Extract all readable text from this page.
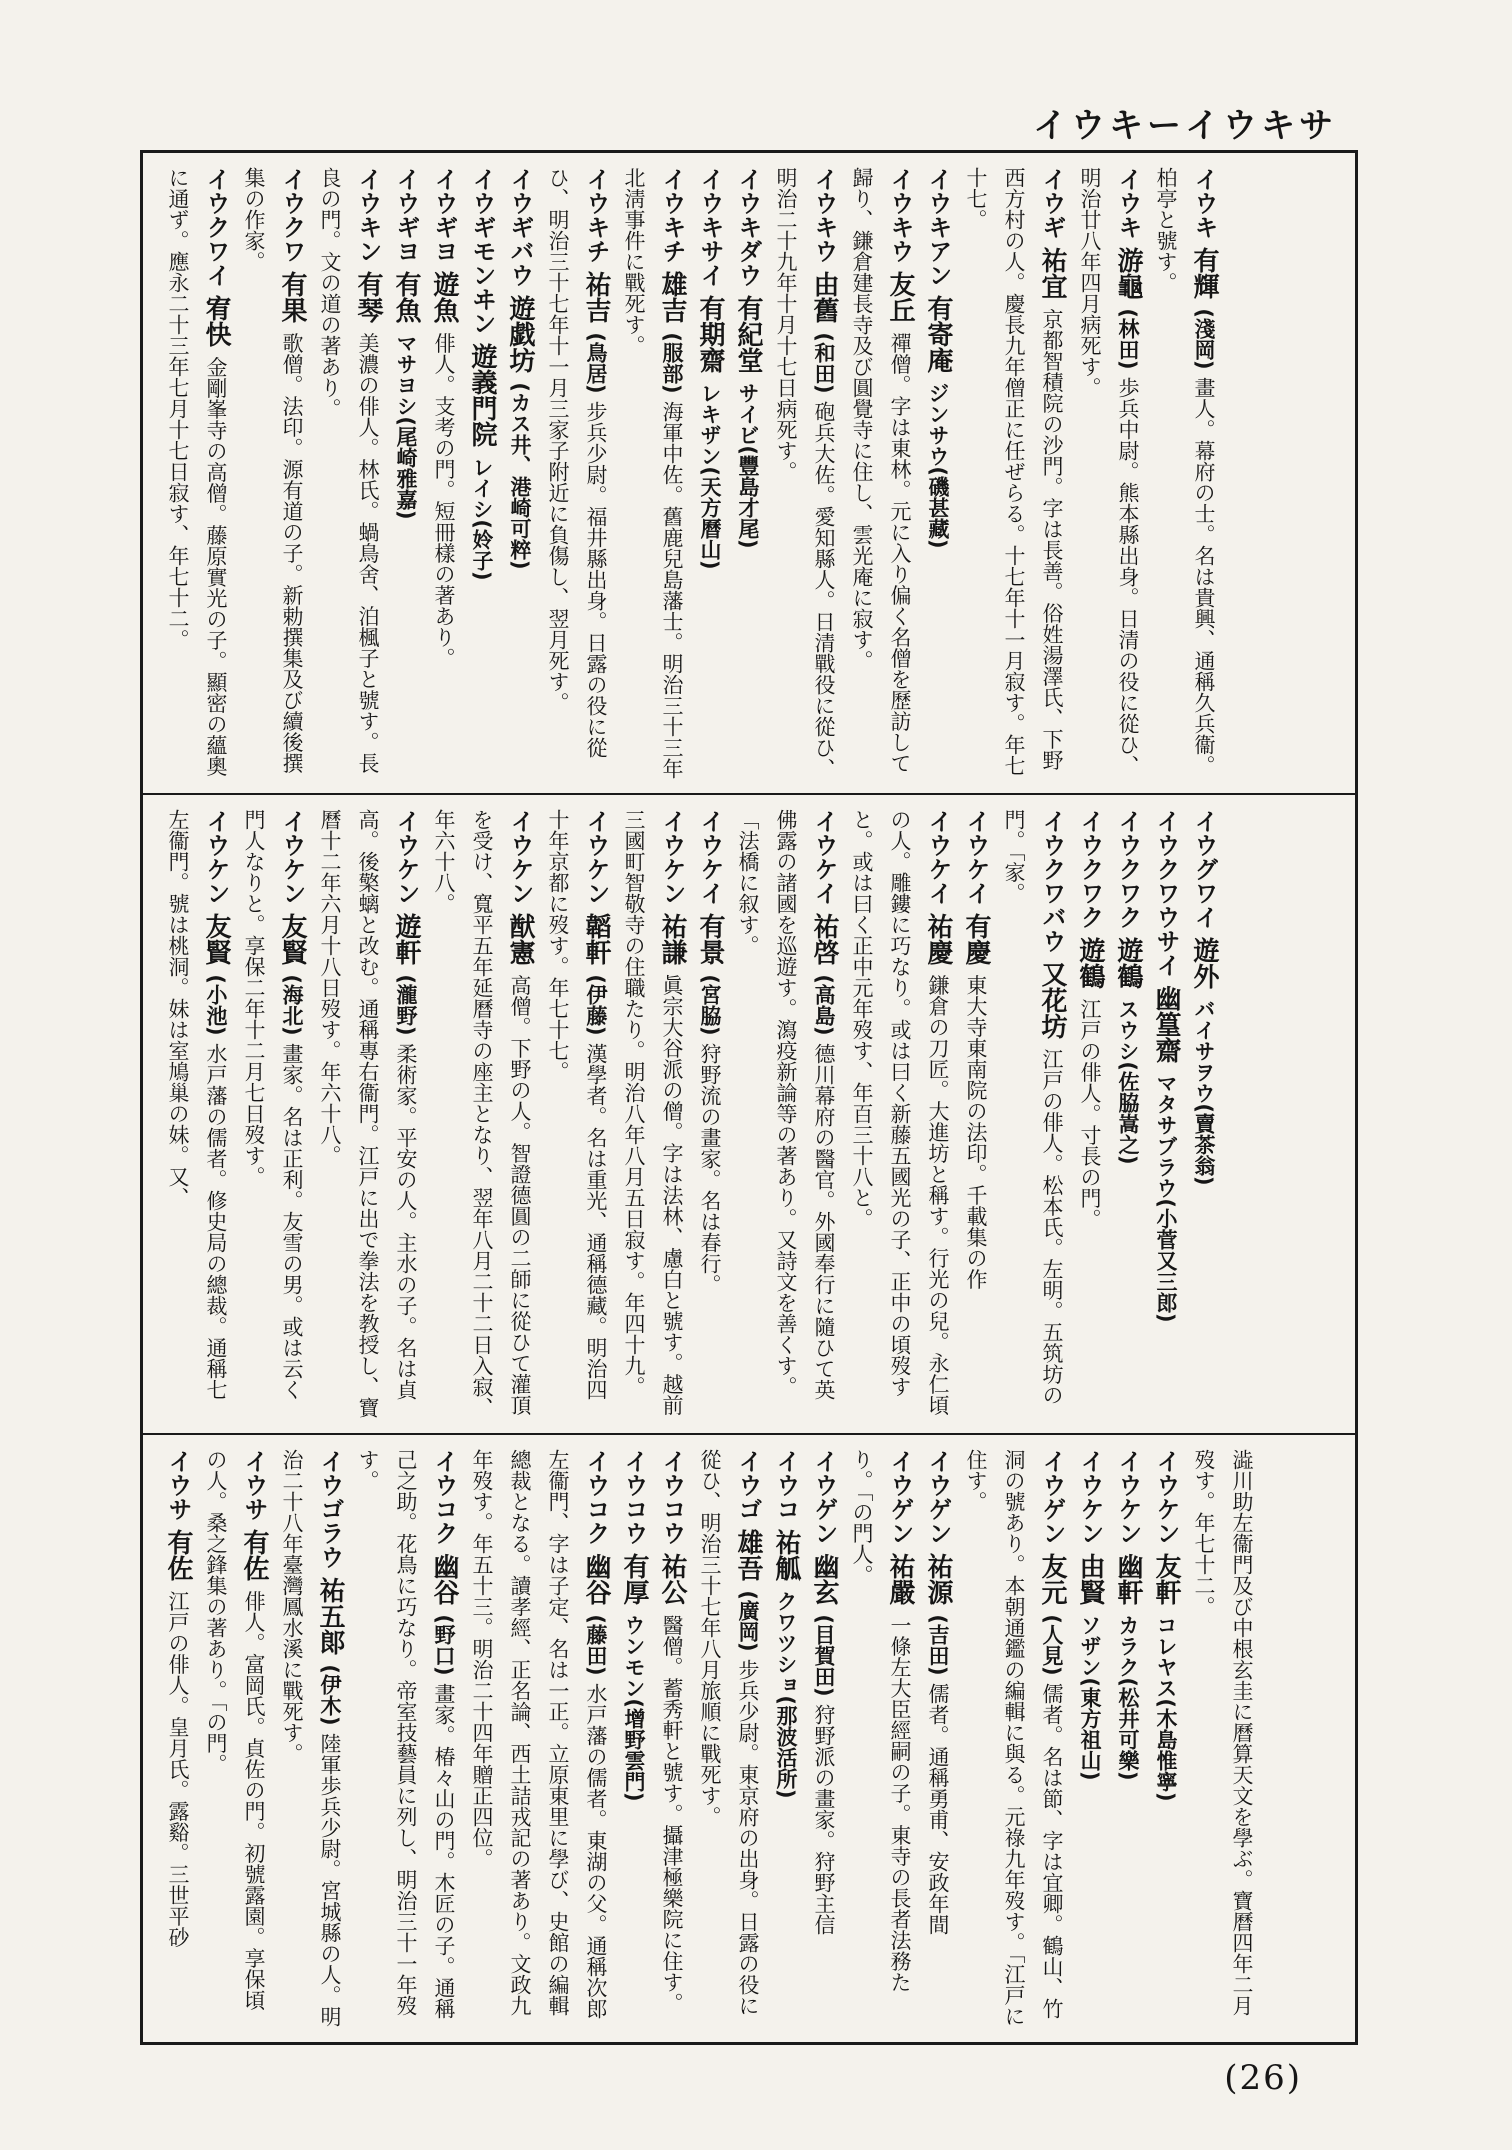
イウキーイウキサ
イウキ 有輝 (淺岡) 畫人。幕府の士。名は貴興、通稱久兵衞。柏亭と號す。
イウキ 游龜 (林田) 歩兵中尉。熊本縣出身。日清の役に從ひ、明治廿八年四月病死す。
イウギ 祐宜 京都智積院の沙門。字は長善。俗姓湯澤氏、下野西方村の人。慶長九年僧正に任ぜらる。十七年十一月寂す。年七十七。
イウキアン 有寄庵 ジンサウ(磯甚藏)
イウキウ 友丘 禪僧。字は東林。元に入り偏く名僧を歷訪して歸り、鎌倉建長寺及び圓覺寺に住し、雲光庵に寂す。
イウキウ 由舊 (和田) 砲兵大佐。愛知縣人。日清戰役に從ひ、明治二十九年十月十七日病死す。
イウキダウ 有紀堂 サイビ(豐島才尾)
イウキサイ 有期齋 レキザン(天方曆山)
イウキチ 雄吉 (服部) 海軍中佐。舊鹿兒島藩士。明治三十三年北淸事件に戰死す。
イウキチ 祐吉 (鳥居) 步兵少尉。福井縣出身。日露の役に從ひ、明治三十七年十一月三家子附近に負傷し、翌月死す。
イウギバウ 遊戯坊 (カス井、港崎可粹)
イウギモンヰン 遊義門院 レイシ(姈子)
イウギヨ 遊魚 俳人。支考の門。短冊樣の著あり。
イウギヨ 有魚 マサヨシ(尾崎雅嘉)
イウキン 有琴 美濃の俳人。林氏。蝸鳥舍、泊楓子と號す。長良の門。文の道の著あり。
イウクワ 有果 歌僧。法印。源有道の子。新勅撰集及び續後撰集の作家。
イウクワイ 宥快 金剛峯寺の高僧。藤原實光の子。顯密の蘊奧に通ず。應永二十三年七月十七日寂す、年七十二。
イウグワイ 遊外 バイサヲウ(賣茶翁)
イウクワウサイ 幽篁齋 マタサブラウ(小菅又三郎)
イウクワク 遊鶴 スウシ(佐脇嵩之)
イウクワク 遊鶴 江戸の俳人。寸長の門。
イウクワバウ 又花坊 江戸の俳人。松本氏。左明。五筑坊の門。「家。
イウケイ 有慶 東大寺東南院の法印。千載集の作
イウケイ 祐慶 鎌倉の刀匠。大進坊と稱す。行光の兒。永仁頃の人。雕鏤に巧なり。或は曰く新藤五國光の子、正中の頃歿すと。或は曰く正中元年歿す、年百三十八と。
イウケイ 祐啓 (高島) 德川幕府の醫官。外國奉行に隨ひて英佛露の諸國を巡遊す。瀉疫新論等の著あり。又詩文を善くす。「法橋に叙す。
イウケイ 有景 (宮脇) 狩野流の畫家。名は春行。
イウケン 祐謙 眞宗大谷派の僧。字は法林、慮白と號す。越前三國町智敬寺の住職たり。明治八年八月五日寂す。年四十九。
イウケン 韜軒 (伊藤) 漢學者。名は重光、通稱德藏。明治四十年京都に歿す。年七十七。
イウケン 猷憲 高僧。下野の人。智證德圓の二師に從ひて灌頂を受け、寬平五年延曆寺の座主となり、翌年八月二十二日入寂、年六十八。
イウケン 遊軒 (瀧野) 柔術家。平安の人。主水の子。名は貞高。後檠螭と改む。通稱專右衞門。江戸に出で拳法を教授し、寶曆十二年六月十八日歿す。年六十八。
イウケン 友賢 (海北) 畫家。名は正利。友雪の男。或は云く門人なりと。享保二年十二月七日歿す。
イウケン 友賢 (小池) 水戸藩の儒者。修史局の總裁。通稱七左衞門。號は桃洞。妹は室鳩巢の妹。又、
澁川助左衞門及び中根玄圭に曆算天文を學ぶ。寶曆四年二月歿す。年七十二。
イウケン 友軒 コレヤス(木島惟寧)
イウケン 幽軒 カラク(松井可樂)
イウケン 由賢 ソザン(東方祖山)
イウゲン 友元 (人見) 儒者。名は節、字は宜卿。鶴山、竹洞の號あり。本朝通鑑の編輯に與る。元祿九年歿す。「江戸に住す。
イウゲン 祐源 (吉田) 儒者。通稱勇甫、安政年間
イウゲン 祐嚴 一條左大臣經嗣の子。東寺の長者法務たり。「の門人。
イウゲン 幽玄 (目賀田) 狩野派の畫家。狩野主信
イウコ 祐觚 クワツショ(那波活所)
イウゴ 雄吾 (廣岡) 步兵少尉。東京府の出身。日露の役に從ひ、明治三十七年八月旅順に戰死す。
イウコウ 祐公 醫僧。蓄秀軒と號す。攝津極樂院に住す。
イウコウ 有厚 ウンモン(增野雲門)
イウコク 幽谷 (藤田) 水戸藩の儒者。東湖の父。通稱次郎左衞門、字は子定、名は一正。立原東里に學び、史館の編輯總裁となる。讀孝經、正名論、西土詰戎記の著あり。文政九年歿す。年五十三。明治二十四年贈正四位。
イウコク 幽谷 (野口) 畫家。椿々山の門。木匠の子。通稱己之助。花鳥に巧なり。帝室技藝員に列し、明治三十一年歿す。
イウゴラウ 祐五郞 (伊木) 陸軍歩兵少尉。宮城縣の人。明治二十八年臺灣鳳水溪に戰死す。
イウサ 有佐 俳人。富岡氏。貞佐の門。初號露園。享保頃の人。桑之鋒集の著あり。「の門。
イウサ 有佐 江戸の俳人。皇月氏。露谿。三世平砂
(26)
